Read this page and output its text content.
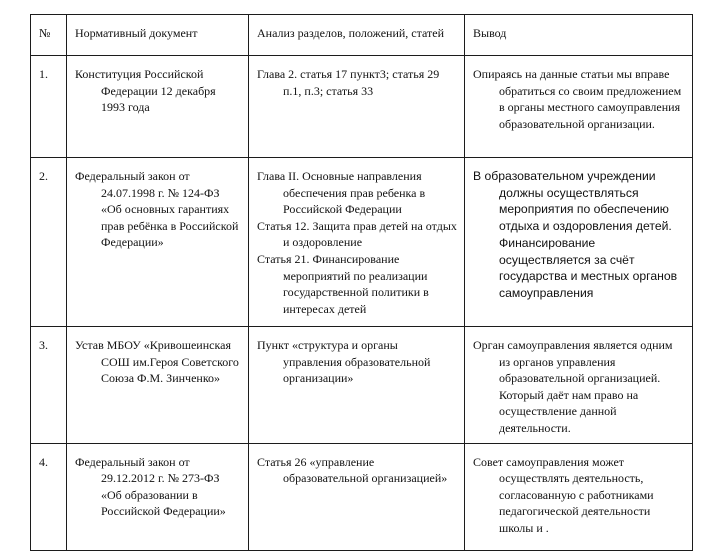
№	Нормативный документ	Анализ разделов, положений, статей	Вывод

1.	Конституция Российской Федерации 12 декабря 1993 года	Глава 2. статья 17 пункт3; статья 29 п.1, п.3; статья 33	Опираясь на данные статьи мы вправе обратиться со своим предложением в органы местного самоуправления образовательной организации.

2.	Федеральный закон от 24.07.1998 г. № 124-ФЗ «Об основных гарантиях прав ребёнка в Российской Федерации»	Глава II. Основные направления обеспечения прав ребенка в Российской Федерации
Статья 12. Защита прав детей на отдых и оздоровление
Статья 21. Финансирование мероприятий по реализации государственной политики в интересах детей	В образовательном учреждении должны осуществляться мероприятия по обеспечению отдыха и оздоровления детей. Финансирование осуществляется за счёт государства и местных органов самоуправления

3.	Устав МБОУ «Кривошеинская СОШ им.Героя Советского Союза Ф.М. Зинченко»	Пункт «структура и органы управления образовательной организации»	Орган самоуправления является одним из органов управления образовательной организацией. Который даёт нам право на осуществление данной деятельности.

4.	Федеральный закон от 29.12.2012 г. № 273-ФЗ «Об образовании в Российской Федерации»	Статья 26 «управление образовательной организацией»	Совет самоуправления может осуществлять деятельность, согласованную с работниками педагогической деятельности школы и .
